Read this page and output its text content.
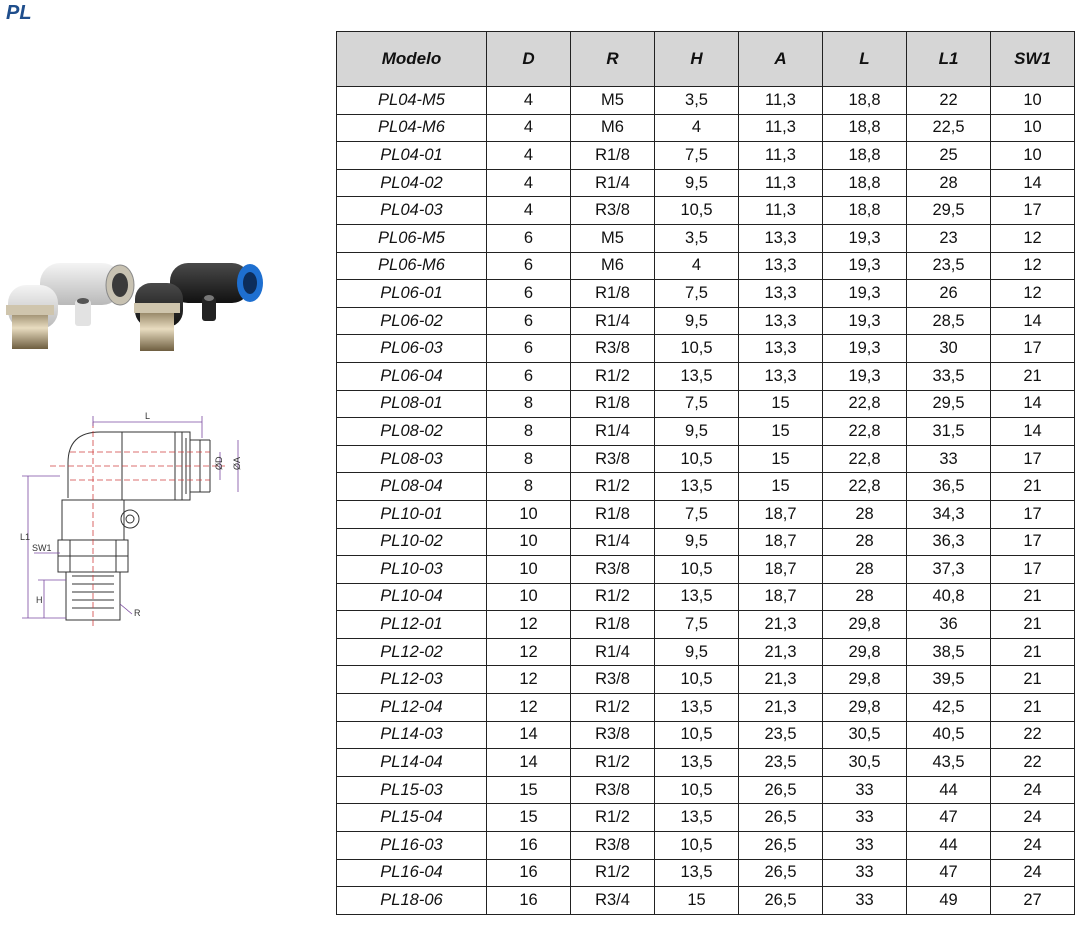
PL
L
L1
SW1
H
R
ØD ØA
Modelo	D	R	H	A	L	L1	SW1
PL04-M5	4	M5	3,5	11,3	18,8	22	10
PL04-M6	4	M6	4	11,3	18,8	22,5	10
PL04-01	4	R1/8	7,5	11,3	18,8	25	10
PL04-02	4	R1/4	9,5	11,3	18,8	28	14
PL04-03	4	R3/8	10,5	11,3	18,8	29,5	17
PL06-M5	6	M5	3,5	13,3	19,3	23	12
PL06-M6	6	M6	4	13,3	19,3	23,5	12
PL06-01	6	R1/8	7,5	13,3	19,3	26	12
PL06-02	6	R1/4	9,5	13,3	19,3	28,5	14
PL06-03	6	R3/8	10,5	13,3	19,3	30	17
PL06-04	6	R1/2	13,5	13,3	19,3	33,5	21
PL08-01	8	R1/8	7,5	15	22,8	29,5	14
PL08-02	8	R1/4	9,5	15	22,8	31,5	14
PL08-03	8	R3/8	10,5	15	22,8	33	17
PL08-04	8	R1/2	13,5	15	22,8	36,5	21
PL10-01	10	R1/8	7,5	18,7	28	34,3	17
PL10-02	10	R1/4	9,5	18,7	28	36,3	17
PL10-03	10	R3/8	10,5	18,7	28	37,3	17
PL10-04	10	R1/2	13,5	18,7	28	40,8	21
PL12-01	12	R1/8	7,5	21,3	29,8	36	21
PL12-02	12	R1/4	9,5	21,3	29,8	38,5	21
PL12-03	12	R3/8	10,5	21,3	29,8	39,5	21
PL12-04	12	R1/2	13,5	21,3	29,8	42,5	21
PL14-03	14	R3/8	10,5	23,5	30,5	40,5	22
PL14-04	14	R1/2	13,5	23,5	30,5	43,5	22
PL15-03	15	R3/8	10,5	26,5	33	44	24
PL15-04	15	R1/2	13,5	26,5	33	47	24
PL16-03	16	R3/8	10,5	26,5	33	44	24
PL16-04	16	R1/2	13,5	26,5	33	47	24
PL18-06	16	R3/4	15	26,5	33	49	27
